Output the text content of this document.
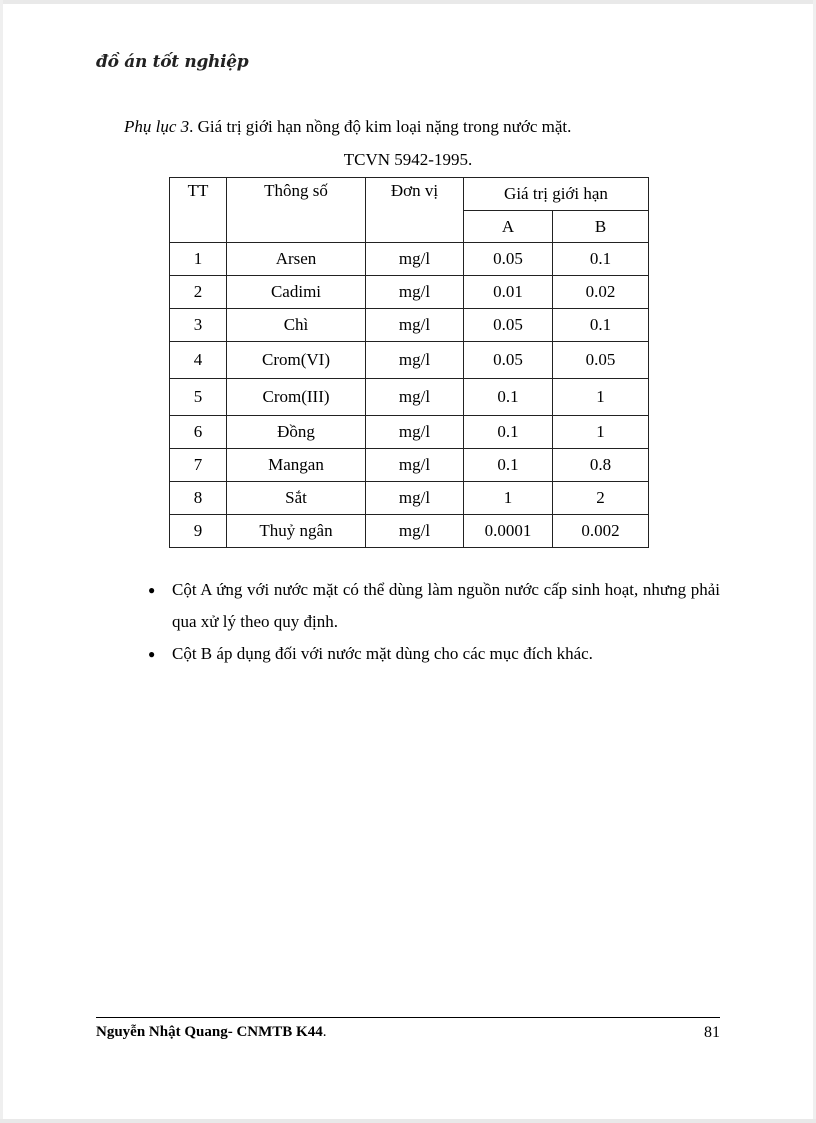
đồ án tốt nghiệp
Phụ lục 3. Giá trị giới hạn nồng độ kim loại nặng trong nước mặt.
TCVN 5942-1995.
TT	Thông số	Đơn vị	Giá trị giới hạn	
			A	B
1	Arsen	mg/l	0.05	0.1
2	Cadimi	mg/l	0.01	0.02
3	Chì	mg/l	0.05	0.1
4	Crom(VI)	mg/l	0.05	0.05
5	Crom(III)	mg/l	0.1	1
6	Đồng	mg/l	0.1	1
7	Mangan	mg/l	0.1	0.8
8	Sắt	mg/l	1	2
9	Thuỷ ngân	mg/l	0.0001	0.002
● Cột A ứng với nước mặt có thể dùng làm nguồn nước cấp sinh hoạt, nhưng phải qua xử lý theo quy định.
● Cột B áp dụng đối với nước mặt dùng cho các mục đích khác.
Nguyễn Nhật Quang- CNMTB K44.	81
